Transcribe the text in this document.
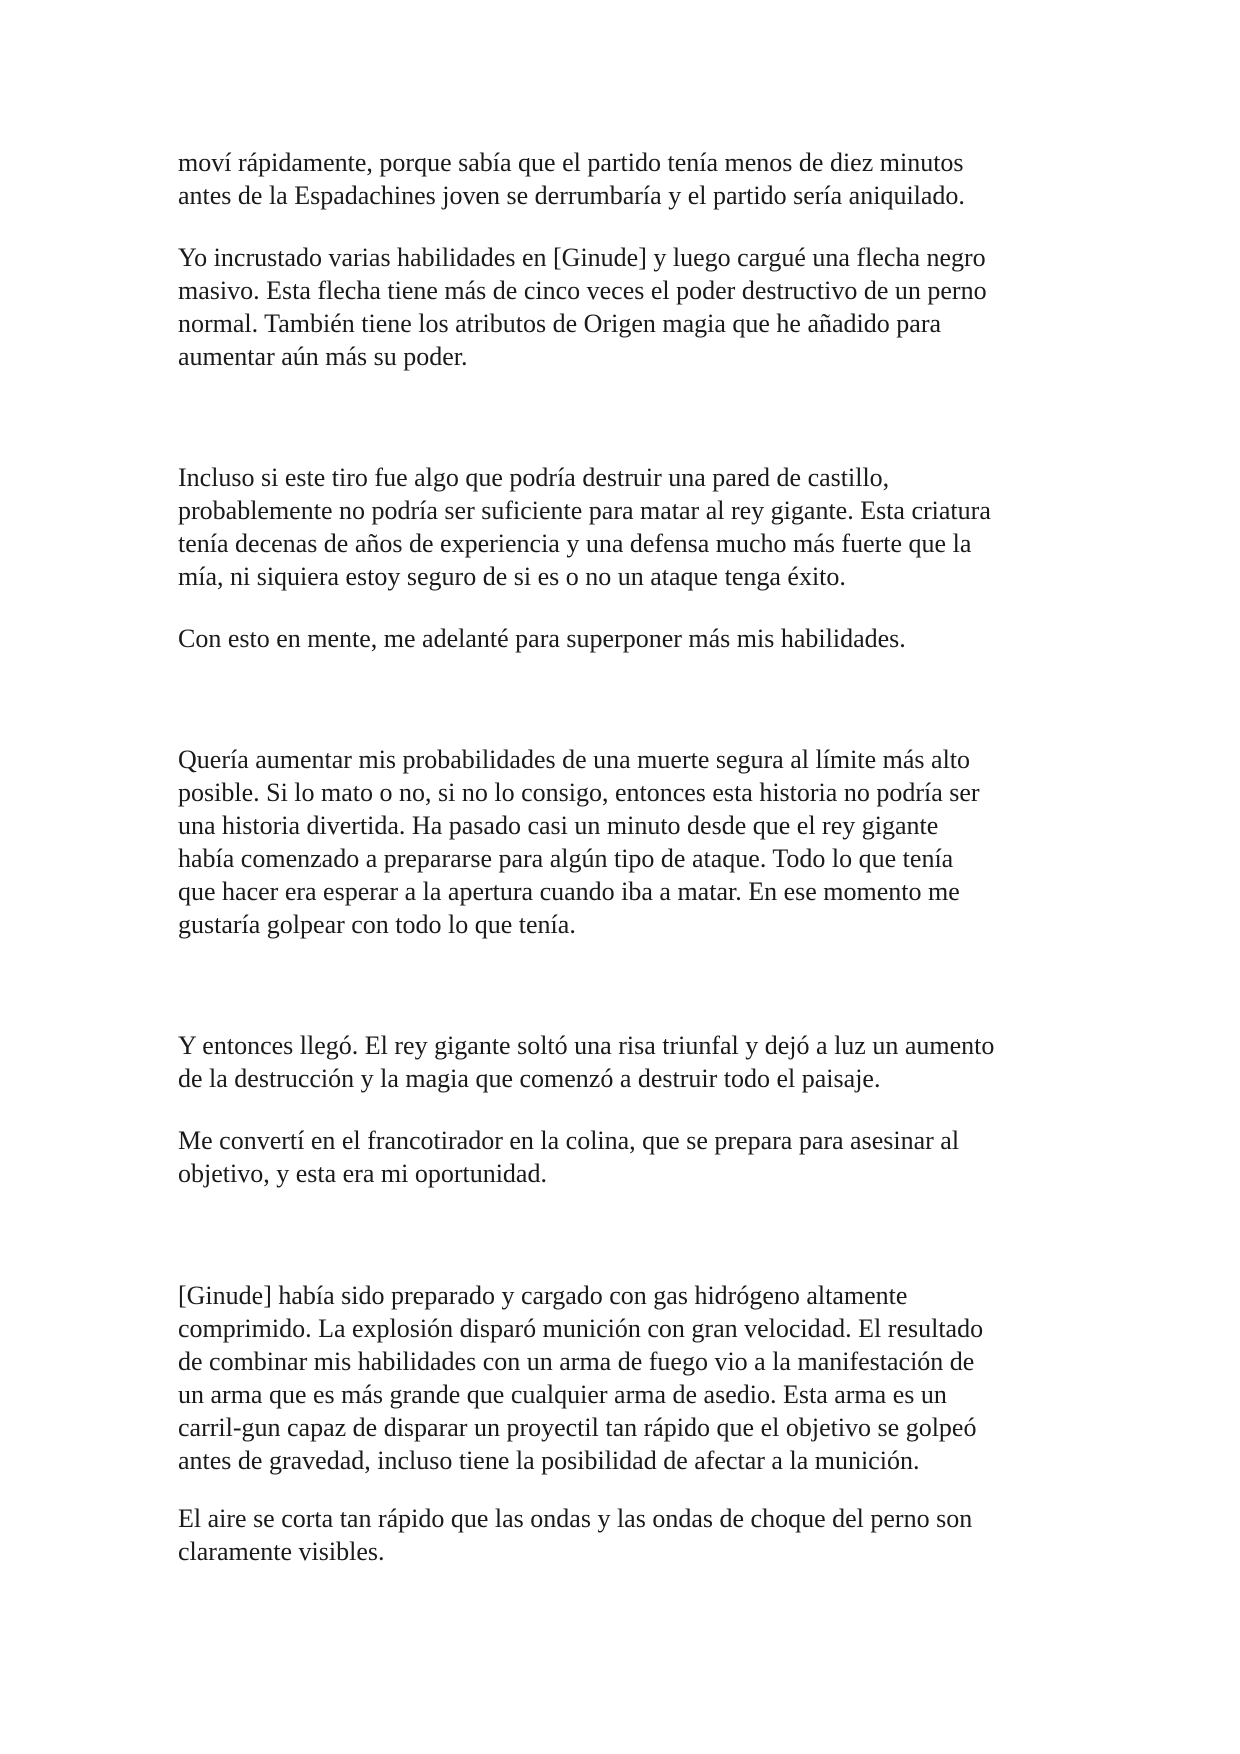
moví rápidamente, porque sabía que el partido tenía menos de diez minutos
antes de la Espadachines joven se derrumbaría y el partido sería aniquilado.

Yo incrustado varias habilidades en [Ginude] y luego cargué una flecha negro
masivo. Esta flecha tiene más de cinco veces el poder destructivo de un perno
normal. También tiene los atributos de Origen magia que he añadido para
aumentar aún más su poder.

Incluso si este tiro fue algo que podría destruir una pared de castillo,
probablemente no podría ser suficiente para matar al rey gigante. Esta criatura
tenía decenas de años de experiencia y una defensa mucho más fuerte que la
mía, ni siquiera estoy seguro de si es o no un ataque tenga éxito.

Con esto en mente, me adelanté para superponer más mis habilidades.

Quería aumentar mis probabilidades de una muerte segura al límite más alto
posible. Si lo mato o no, si no lo consigo, entonces esta historia no podría ser
una historia divertida. Ha pasado casi un minuto desde que el rey gigante
había comenzado a prepararse para algún tipo de ataque. Todo lo que tenía
que hacer era esperar a la apertura cuando iba a matar. En ese momento me
gustaría golpear con todo lo que tenía.

Y entonces llegó. El rey gigante soltó una risa triunfal y dejó a luz un aumento
de la destrucción y la magia que comenzó a destruir todo el paisaje.

Me convertí en el francotirador en la colina, que se prepara para asesinar al
objetivo, y esta era mi oportunidad.

[Ginude] había sido preparado y cargado con gas hidrógeno altamente
comprimido. La explosión disparó munición con gran velocidad. El resultado
de combinar mis habilidades con un arma de fuego vio a la manifestación de
un arma que es más grande que cualquier arma de asedio. Esta arma es un
carril-gun capaz de disparar un proyectil tan rápido que el objetivo se golpeó
antes de gravedad, incluso tiene la posibilidad de afectar a la munición.

El aire se corta tan rápido que las ondas y las ondas de choque del perno son
claramente visibles.
